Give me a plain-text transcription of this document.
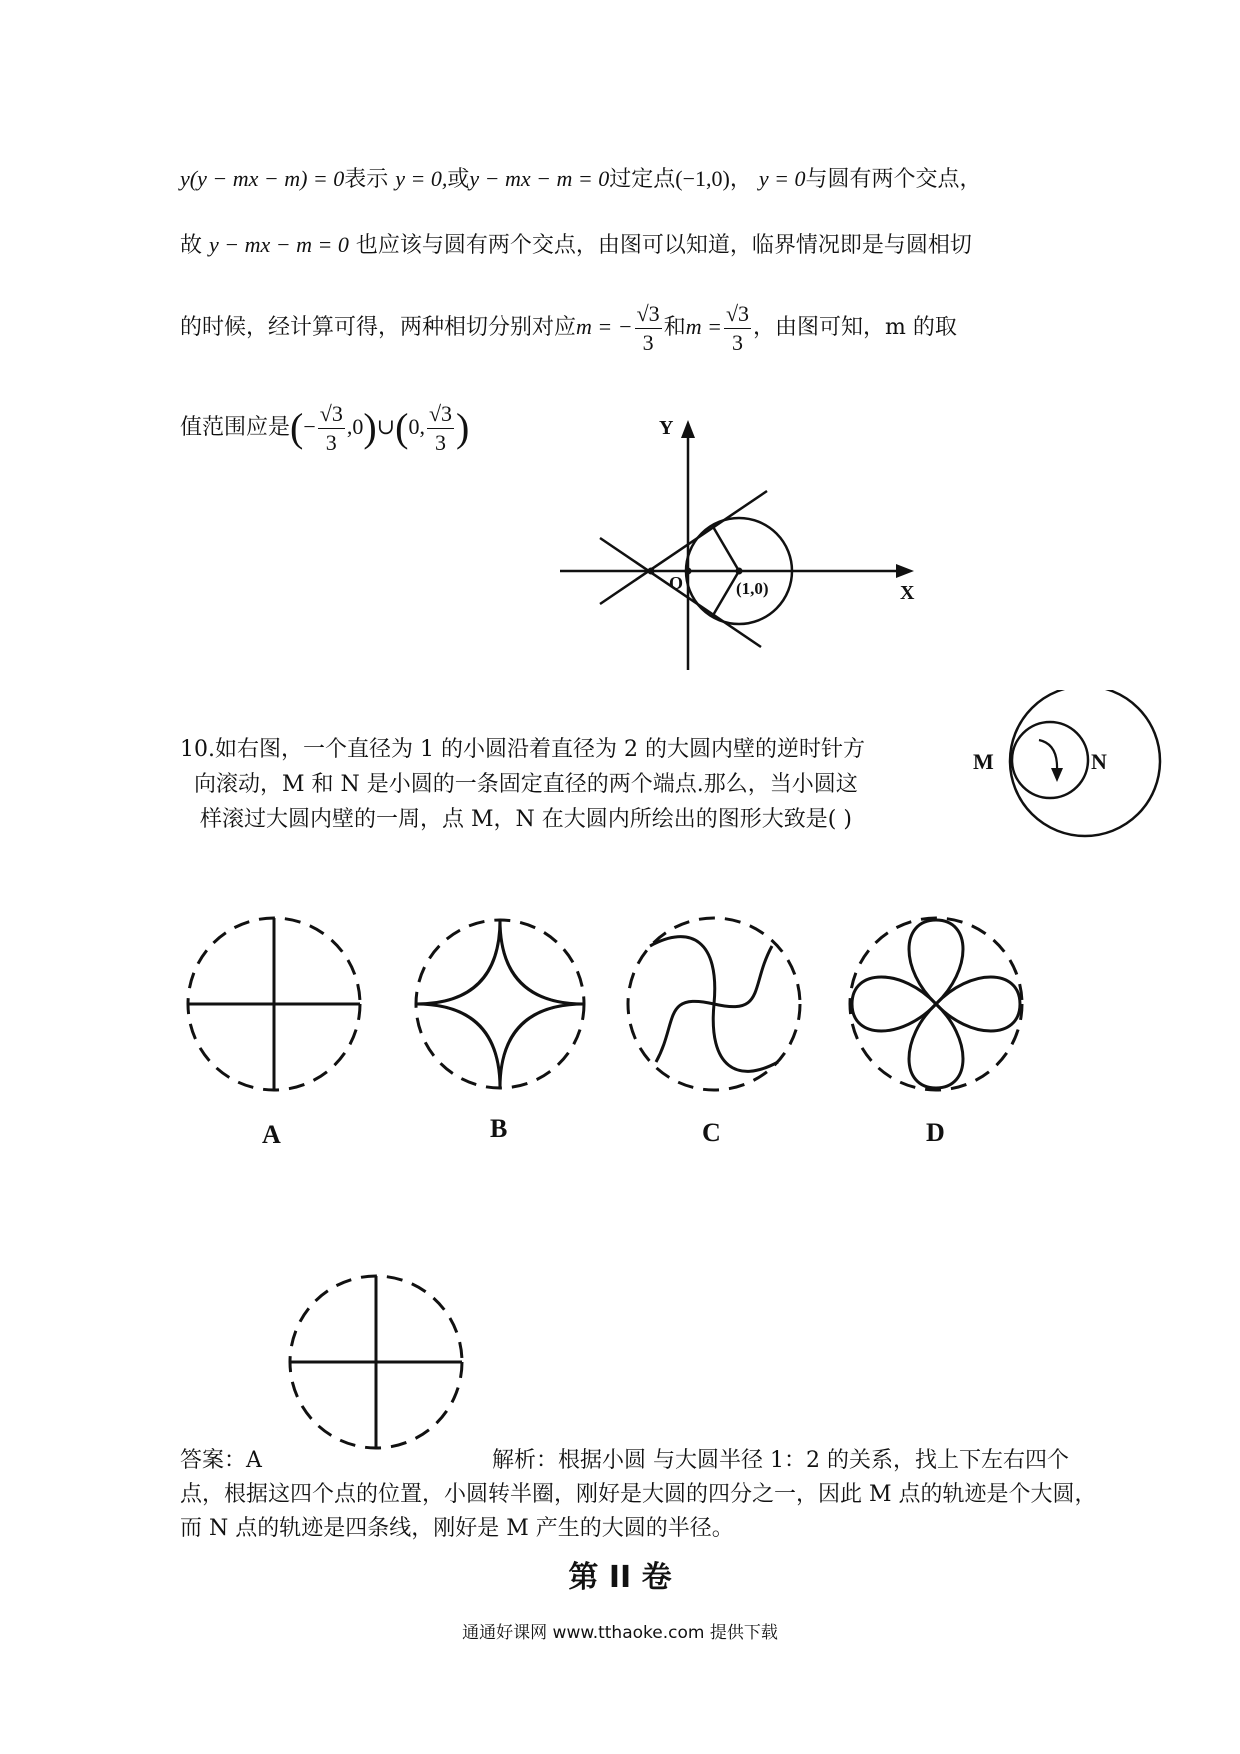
y(y − mx − m) = 0表示 y = 0,或y − mx − m = 0过定点(−1,0)， y = 0与圆有两个交点，
故 y − mx − m = 0 也应该与圆有两个交点，由图可以知道，临界情况即是与圆相切
的时候，经计算可得，两种相切分别对应m = − $\frac{√3}{3}$ 和$m = \frac{√3}{3}$ ，由图可知，m 的取
值范围应是(− $\frac{√3}{3}$ ,0)∪(0, $\frac{√3}{3}$ )	Y
X
O	(1,0)
10.如右图，一个直径为 1 的小圆沿着直径为 2 的大圆内壁的逆时针方
向滚动，M 和 N 是小圆的一条固定直径的两个端点.那么，当小圆这
样滚过大圆内壁的一周，点 M，N 在大圆内所绘出的图形大致是( )
M	N
A	B	C	D
答案：A	解析：根据小圆 与大圆半径 1：2 的关系，找上下左右四个
点，根据这四个点的位置，小圆转半圈，刚好是大圆的四分之一，因此 M 点的轨迹是个大圆，
而 N 点的轨迹是四条线，刚好是 M 产生的大圆的半径。
第 II 卷
通通好课网 www.tthaoke.com 提供下载
